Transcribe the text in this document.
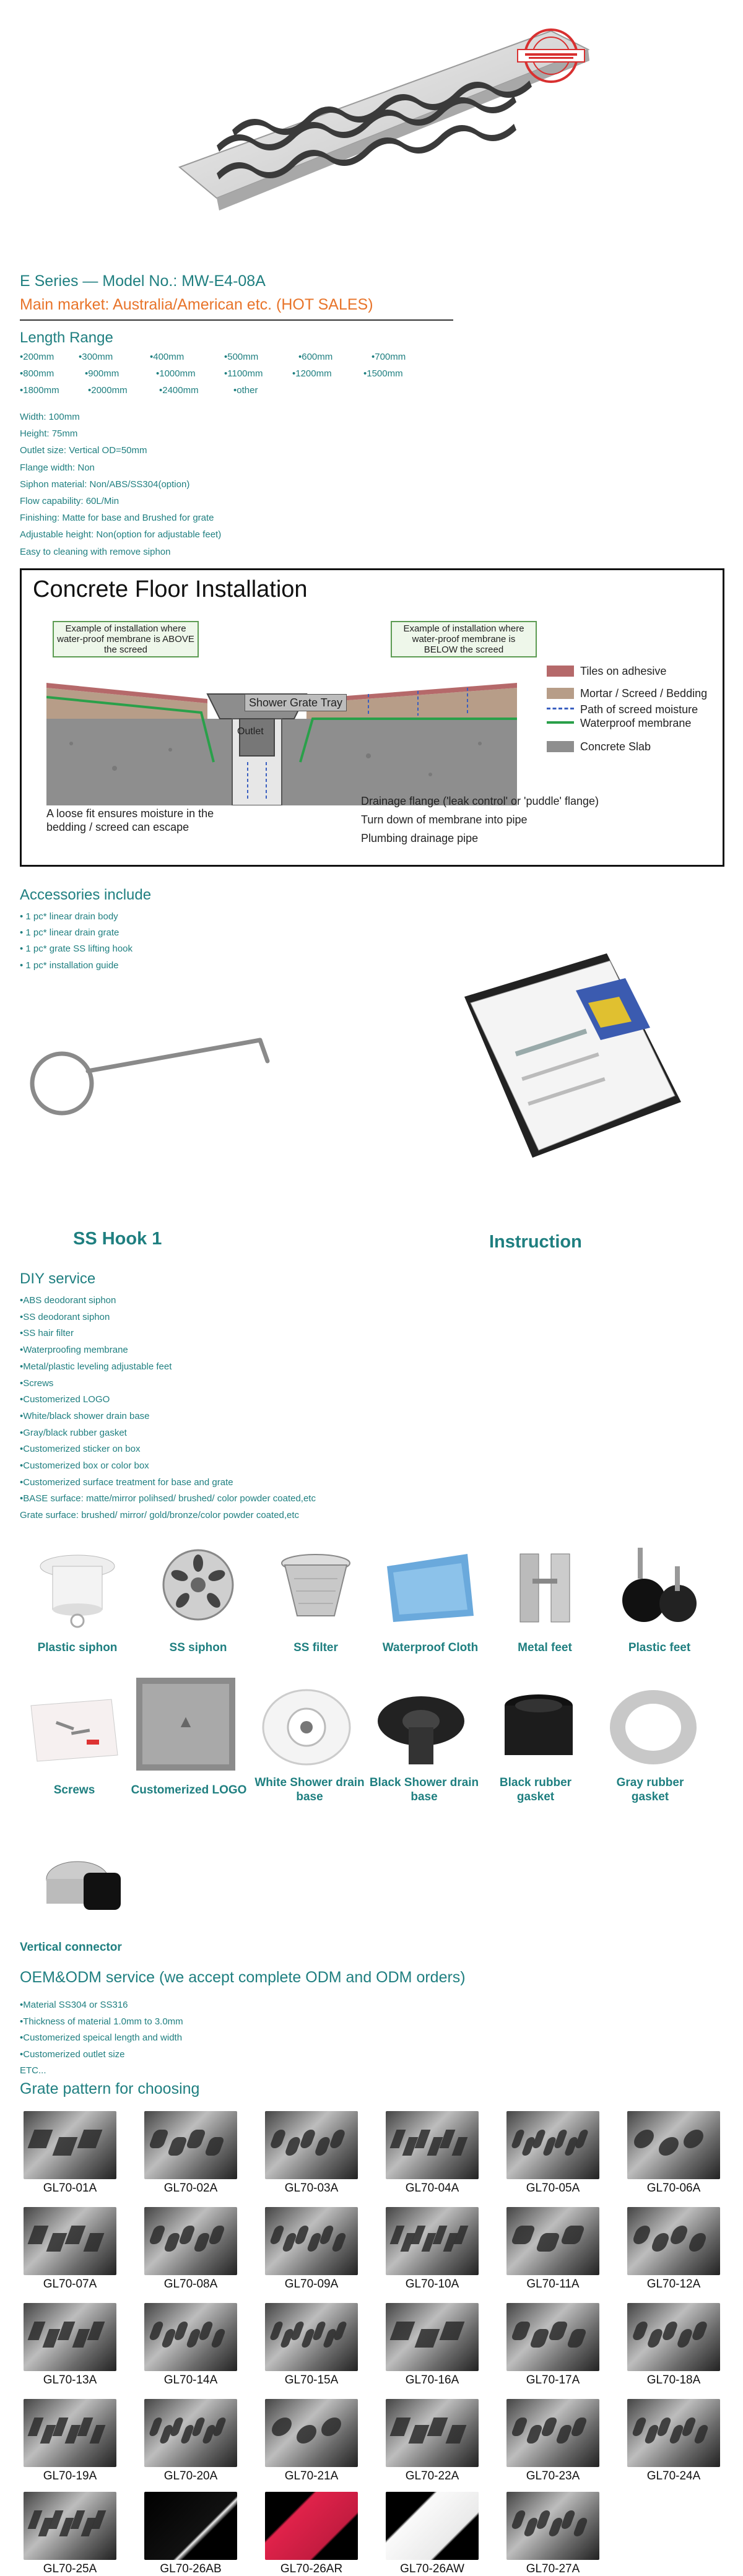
E Series — Model No.: MW-E4-08A
Main market: Australia/American etc. (HOT SALES)
Length Range
•200mm	•300mm	•400mm	•500mm	•600mm	•700mm
•800mm	•900mm	•1000mm	•1100mm	•1200mm	•1500mm
•1800mm	•2000mm	•2400mm	•other
Width: 100mm
Height: 75mm
Outlet size: Vertical OD=50mm
Flange width: Non
Siphon material: Non/ABS/SS304(option)
Flow capability: 60L/Min
Finishing: Matte for base and Brushed for grate
Adjustable height: Non(option for adjustable feet)
Easy to cleaning with remove siphon
Concrete Floor Installation
Example of installation where water-proof membrane is ABOVE the screed
Example of installation where water-proof membrane is BELOW the screed
Shower Grate Tray
Outlet
Tiles on adhesive
Mortar / Screed / Bedding
Path of screed moisture
Waterproof membrane
Concrete Slab
A loose fit ensures moisture in the bedding / screed can escape
Drainage flange ('leak control' or 'puddle' flange)
Turn down of membrane into pipe
Plumbing drainage pipe
Accessories include
• 1 pc* linear drain body
• 1 pc* linear drain grate
• 1 pc* grate SS lifting hook
• 1 pc* installation guide
SS Hook 1	Instruction
DIY service
•ABS deodorant siphon
•SS deodorant siphon
•SS hair filter
•Waterproofing membrane
•Metal/plastic leveling adjustable feet
•Screws
•Customerized LOGO
•White/black shower drain base
•Gray/black rubber gasket
•Customerized sticker on box
•Customerized box or color box
•Customerized surface treatment for base and grate
•BASE surface: matte/mirror polihsed/ brushed/ color powder coated,etc
Grate surface: brushed/ mirror/ gold/bronze/color powder coated,etc
Plastic siphon	SS siphon	SS filter	Waterproof Cloth	Metal feet	Plastic feet
▲
Screws	Customerized LOGO
White Shower drain base
Black Shower drain base
Black rubber gasket
Gray rubber gasket
Vertical connector
OEM&ODM service (we accept complete ODM and ODM orders)
•Material SS304 or SS316
•Thickness of material 1.0mm to 3.0mm
•Customerized speical length and width
•Customerized outlet size
ETC...
Grate pattern for choosing
GL70-01A	GL70-02A	GL70-03A	GL70-04A	GL70-05A	GL70-06A
GL70-07A	GL70-08A	GL70-09A	GL70-10A	GL70-11A	GL70-12A
GL70-13A	GL70-14A	GL70-15A	GL70-16A	GL70-17A	GL70-18A
GL70-19A	GL70-20A	GL70-21A	GL70-22A	GL70-23A	GL70-24A
GL70-25A	GL70-26AB	GL70-26AR	GL70-26AW	GL70-27A
